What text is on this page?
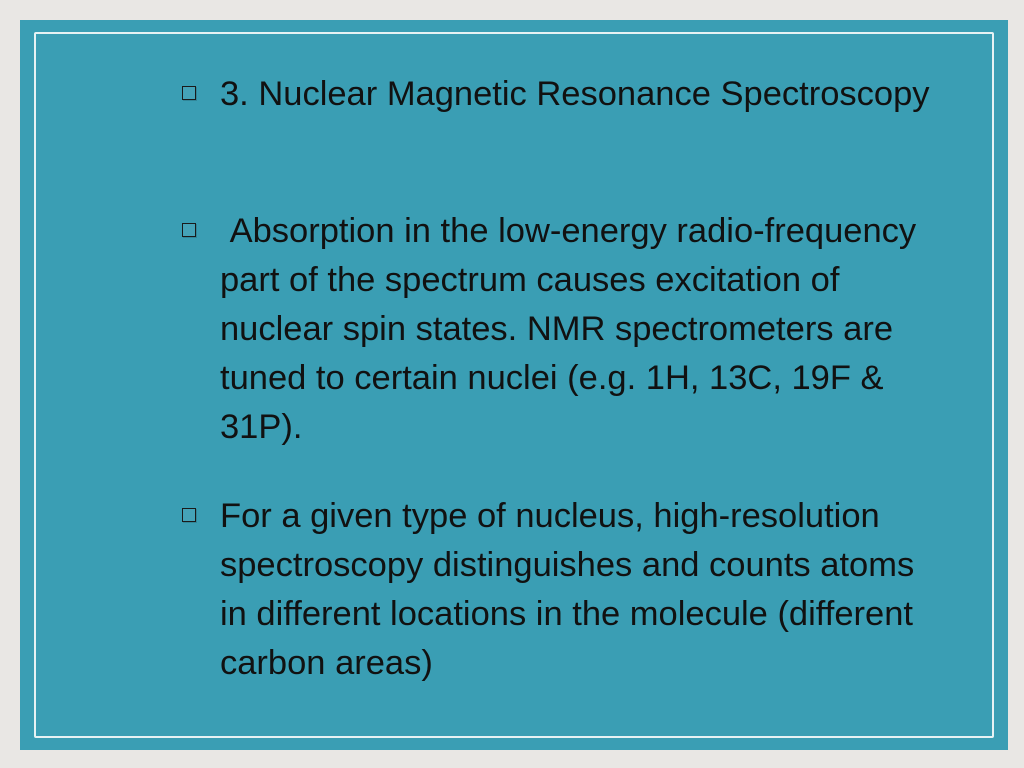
3. Nuclear Magnetic Resonance Spectroscopy
Absorption in the low-energy radio-frequency part of the spectrum causes excitation of nuclear spin states. NMR spectrometers are tuned to certain nuclei (e.g. 1H, 13C, 19F & 31P).
For a given type of nucleus, high-resolution spectroscopy distinguishes and counts atoms in different locations in the molecule (different carbon areas)
